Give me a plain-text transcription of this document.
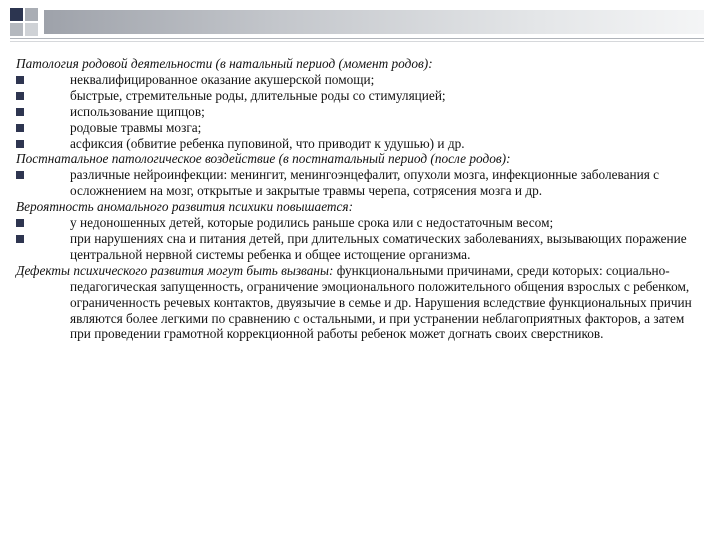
Патология родовой деятельности (в натальный период (момент родов):

неквалифицированное оказание акушерской помощи;
быстрые, стремительные роды, длительные роды со стимуляцией;
использование щипцов;
родовые травмы мозга;
асфиксия (обвитие ребенка пуповиной, что приводит к удушью) и др.

Постнатальное патологическое воздействие (в постнатальный период (после родов):

различные нейроинфекции: менингит, менингоэнцефалит, опухоли мозга, инфекционные заболевания с осложнением на мозг, открытые и закрытые травмы черепа, сотрясения мозга и др.

Вероятность аномального развития психики повышается:

у недоношенных детей, которые родились раньше срока или с недостаточным весом;
при нарушениях сна и питания детей, при длительных соматических заболеваниях, вызывающих поражение центральной нервной системы ребенка и общее истощение организма.

Дефекты психического развития могут быть вызваны: функциональными причинами, среди которых: социально-педагогическая запущенность, ограничение эмоционального положительного общения взрослых с ребенком, ограниченность речевых контактов, двуязычие в семье и др. Нарушения вследствие функциональных причин являются более легкими по сравнению с остальными, и при устранении неблагоприятных факторов, а затем при проведении грамотной коррекционной работы ребенок может догнать своих сверстников.
